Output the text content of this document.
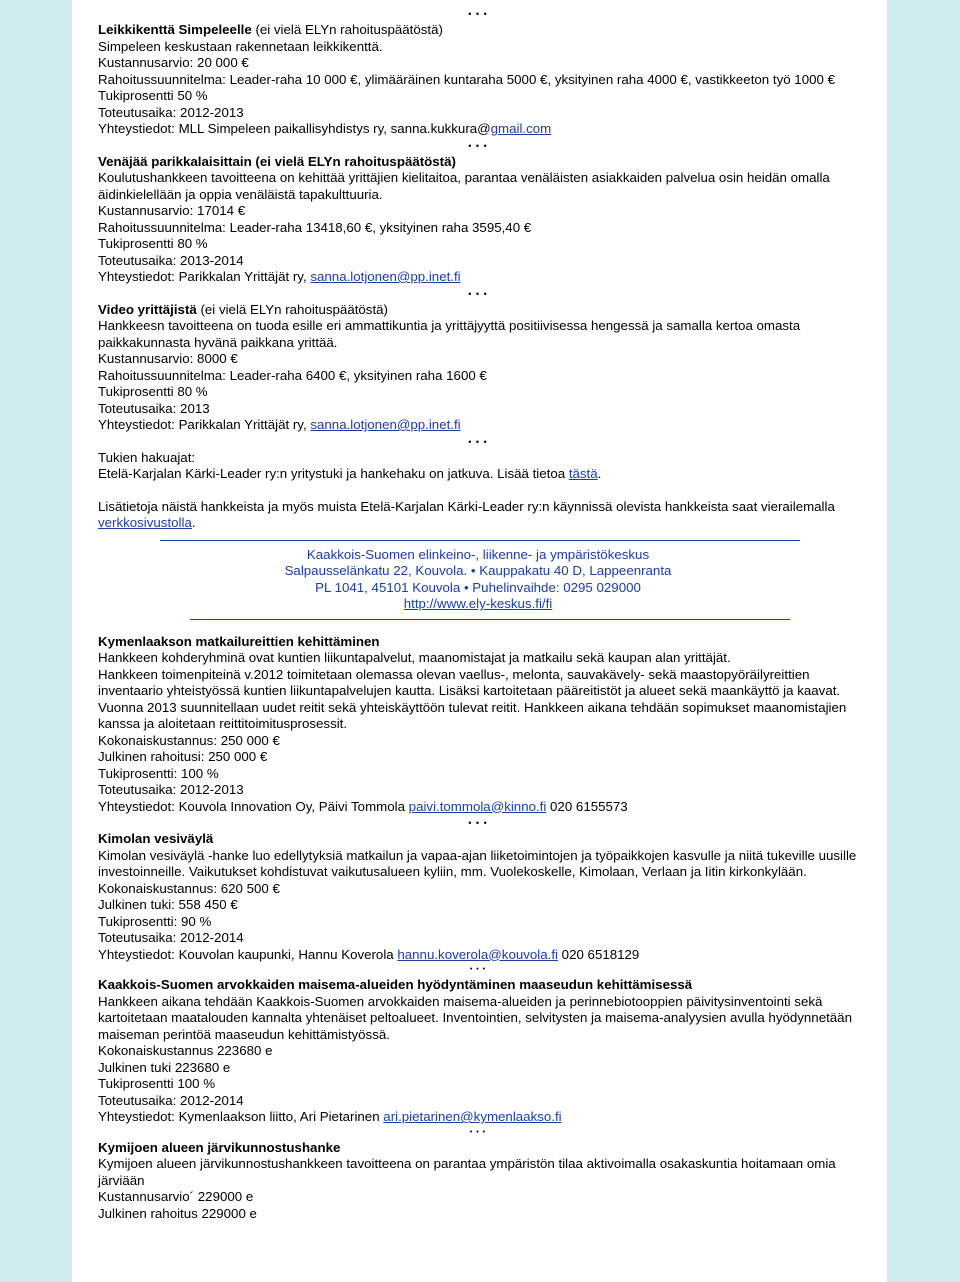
• • •
Leikkikenttä Simpeleelle (ei vielä ELYn rahoituspäätöstä)
Simpeleen keskustaan rakennetaan leikkikenttä.
Kustannusarvio: 20 000 €
Rahoitussuunnitelma: Leader-raha 10 000 €, ylimääräinen kuntaraha 5000 €, yksityinen raha 4000 €, vastikkeeton työ 1000 €
Tukiprosentti 50 %
Toteutusaika: 2012-2013
Yhteystiedot: MLL Simpeleen paikallisyhdistys ry, sanna.kukkura@gmail.com
• • •
Venäjää parikkalaisittain (ei vielä ELYn rahoituspäätöstä)
Koulutushankkeen tavoitteena on kehittää yrittäjien kielitaitoa, parantaa venäläisten asiakkaiden palvelua osin heidän omalla äidinkielellään ja oppia venäläistä tapakulttuuria.
Kustannusarvio: 17014 €
Rahoitussuunnitelma: Leader-raha 13418,60 €, yksityinen raha 3595,40 €
Tukiprosentti 80 %
Toteutusaika: 2013-2014
Yhteystiedot: Parikkalan Yrittäjät ry, sanna.lotjonen@pp.inet.fi
• • •
Video yrittäjistä (ei vielä ELYn rahoituspäätöstä)
Hankkeesn tavoitteena on tuoda esille eri ammattikuntia ja yrittäjyyttä positiivisessa hengessä ja samalla kertoa omasta paikkakunnasta hyvänä paikkana yrittää.
Kustannusarvio: 8000 €
Rahoitussuunnitelma: Leader-raha 6400 €, yksityinen raha 1600 €
Tukiprosentti 80 %
Toteutusaika: 2013
Yhteystiedot: Parikkalan Yrittäjät ry, sanna.lotjonen@pp.inet.fi
• • •
Tukien hakuajat:
Etelä-Karjalan Kärki-Leader ry:n yritystuki ja hankehaku on jatkuva. Lisää tietoa tästä.
Lisätietoja näistä hankkeista ja myös muista Etelä-Karjalan Kärki-Leader ry:n käynnissä olevista hankkeista saat vierailemalla verkkosivustolla.
Kaakkois-Suomen elinkeino-, liikenne- ja ympäristökeskus
Salpausselänkatu 22, Kouvola. • Kauppakatu 40 D, Lappeenranta
PL 1041, 45101 Kouvola • Puhelinvaihde: 0295 029000
http://www.ely-keskus.fi/fi
Kymenlaakson matkailureittien kehittäminen
Hankkeen kohderyhminä ovat kuntien liikuntapalvelut, maanomistajat ja matkailu sekä kaupan alan yrittäjät.
Hankkeen toimenpiteinä v.2012 toimitetaan olemassa olevan vaellus-, melonta, sauvakävely- sekä maastopyöräilyreittien inventaario yhteistyössä kuntien liikuntapalvelujen kautta. Lisäksi kartoitetaan pääreitistöt ja alueet sekä maankäyttö ja kaavat. Vuonna 2013 suunnitellaan uudet reitit sekä yhteiskäyttöön tulevat reitit. Hankkeen aikana tehdään sopimukset maanomistajien kanssa ja aloitetaan reittitoimitusprosessit.
Kokonaiskustannus: 250 000 €
Julkinen rahoitusi: 250 000 €
Tukiprosentti: 100 %
Toteutusaika: 2012-2013
Yhteystiedot: Kouvola Innovation Oy, Päivi Tommola paivi.tommola@kinno.fi 020 6155573
• • •
Kimolan vesiväylä
Kimolan vesiväylä -hanke luo edellytyksiä matkailun ja vapaa-ajan liiketoimintojen ja työpaikkojen kasvulle ja niitä tukeville uusille investoinneille. Vaikutukset kohdistuvat vaikutusalueen kyliin, mm. Vuolekoskelle, Kimolaan, Verlaan ja Iitin kirkonkylään.
Kokonaiskustannus: 620 500 €
Julkinen tuki: 558 450 €
Tukiprosentti: 90 %
Toteutusaika: 2012-2014
Yhteystiedot: Kouvolan kaupunki, Hannu Koverola hannu.koverola@kouvola.fi 020 6518129
• • •
Kaakkois-Suomen arvokkaiden maisema-alueiden hyödyntäminen maaseudun kehittämisessä
Hankkeen aikana tehdään Kaakkois-Suomen arvokkaiden maisema-alueiden ja perinnebiotooppien päivitysinventointi sekä kartoitetaan maatalouden kannalta yhtenäiset peltoalueet. Inventointien, selvitysten ja maisema-analyysien avulla hyödynnetään maiseman perintöä maaseudun kehittämistyössä.
Kokonaiskustannus 223680 e
Julkinen tuki 223680 e
Tukiprosentti 100 %
Toteutusaika: 2012-2014
Yhteystiedot: Kymenlaakson liitto, Ari Pietarinen ari.pietarinen@kymenlaakso.fi
• • •
Kymijoen alueen järvikunnostushanke
Kymijoen alueen järvikunnostushankkeen tavoitteena on parantaa ympäristön tilaa aktivoimalla osakaskuntia hoitamaan omia järviään
Kustannusarvio´ 229000 e
Julkinen rahoitus 229000 e
